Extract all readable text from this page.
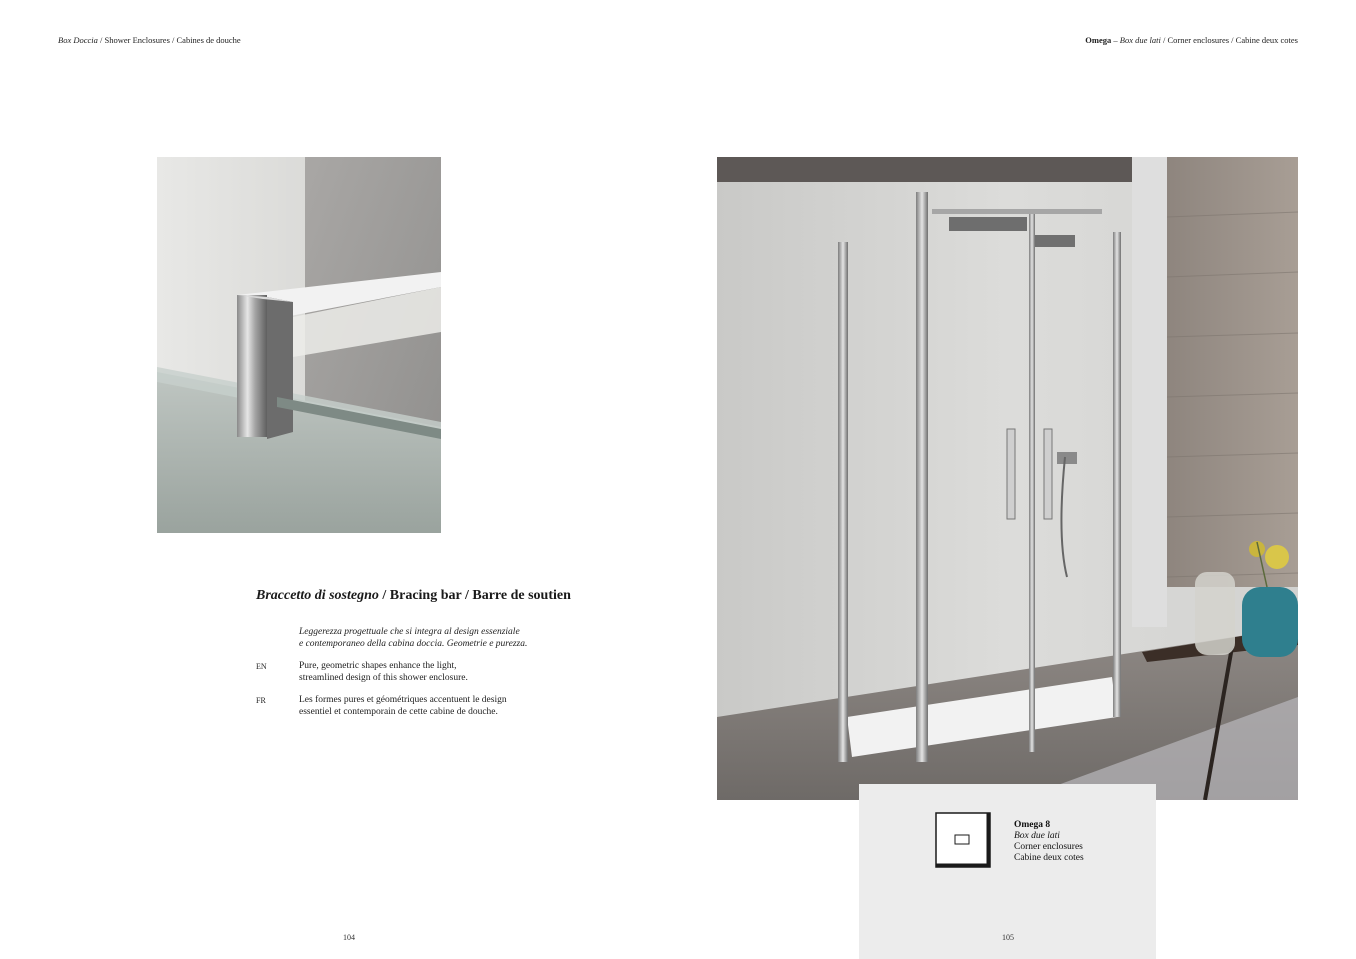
Box Doccia / Shower Enclosures / Cabines de douche	Omega – Box due lati / Corner enclosures / Cabine deux cotes
Braccetto di sostegno / Bracing bar / Barre de soutien
Leggerezza progettuale che si integra al design essenziale
e contemporaneo della cabina doccia. Geometrie e purezza.
EN	Pure, geometric shapes enhance the light,
streamlined design of this shower enclosure.
FR	Les formes pures et géométriques accentuent le design
essentiel et contemporain de cette cabine de douche.
Omega 8
Box due lati
Corner enclosures
Cabine deux cotes
104	105
